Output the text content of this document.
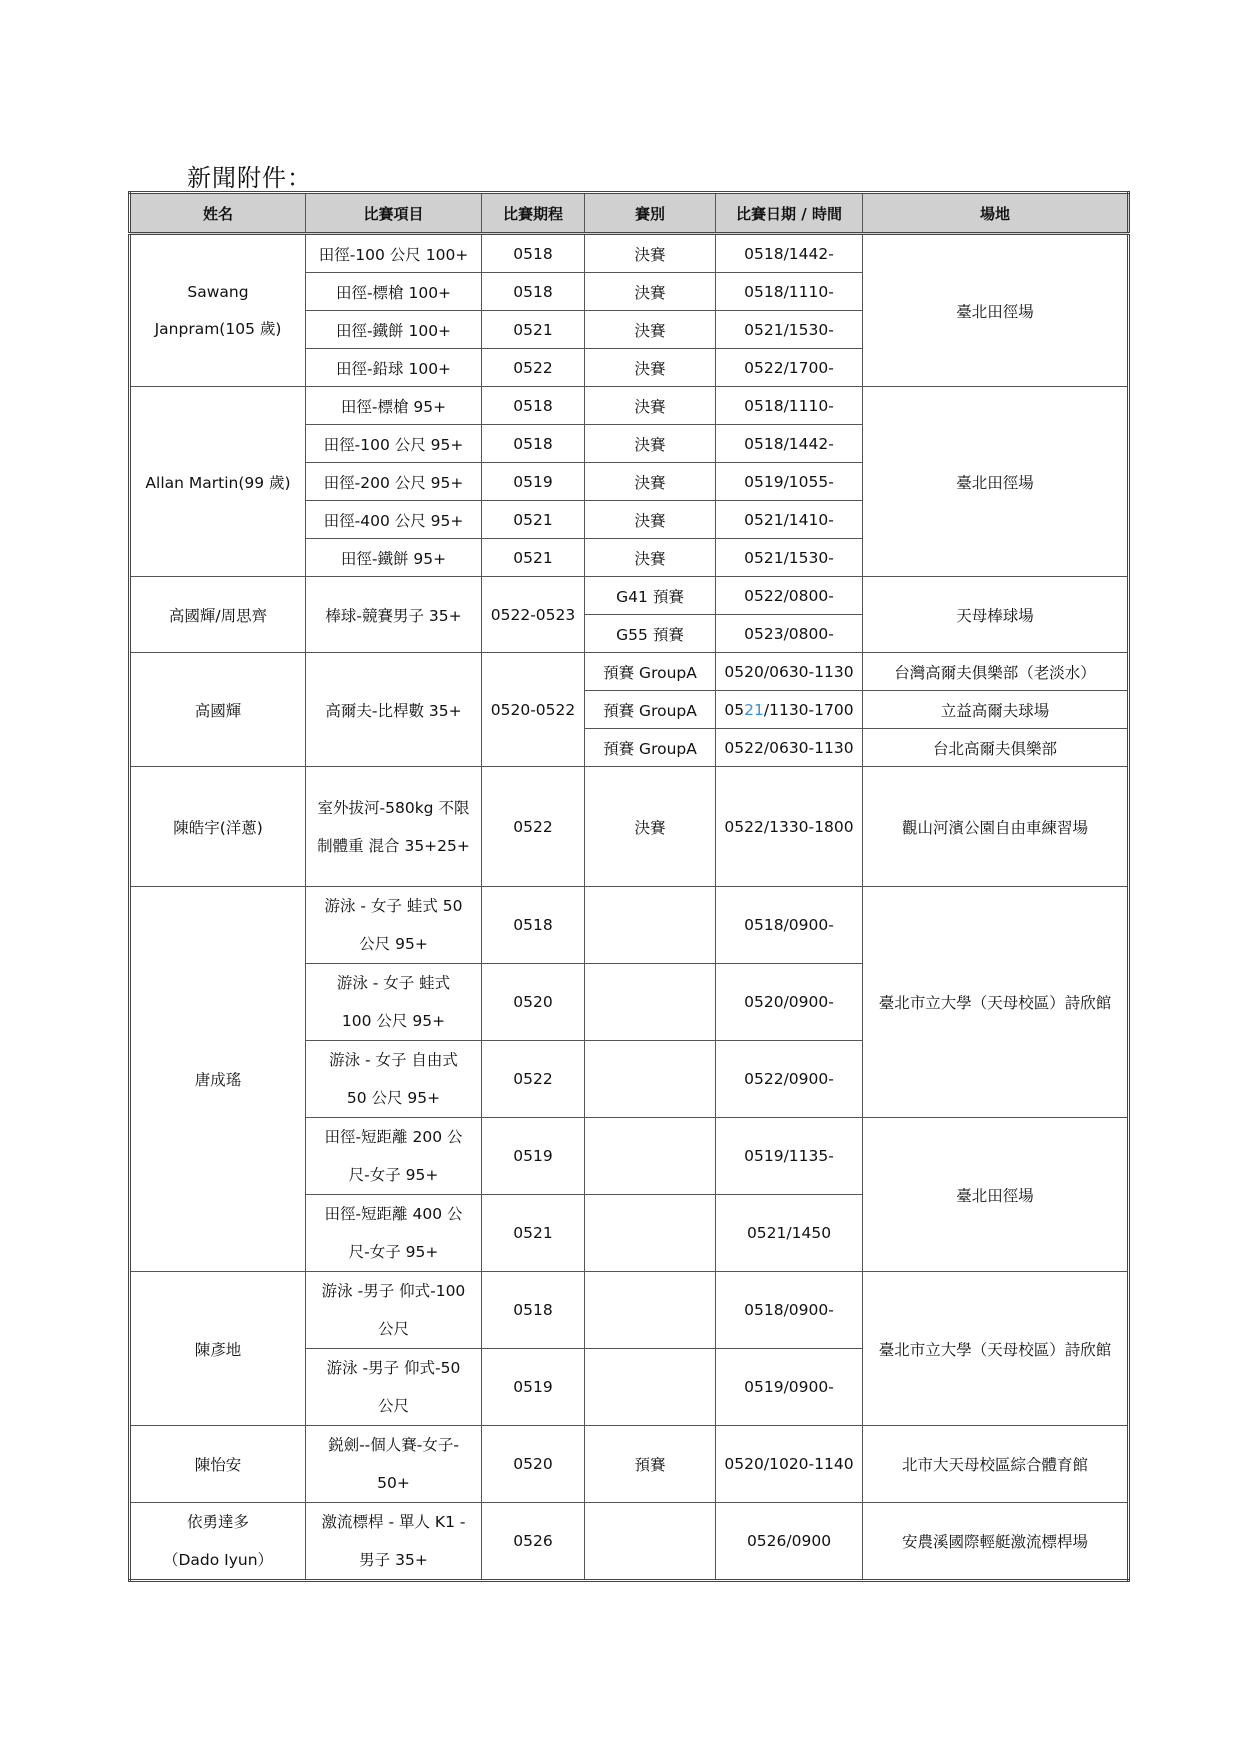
新聞附件：
姓名	比賽項目	比賽期程	賽別	比賽日期 / 時間	場地

Sawang
Janpram(105 歲)	田徑-100 公尺 100+	0518	決賽	0518/1442-	臺北田徑場
	田徑-標槍 100+	0518	決賽	0518/1110-	
	田徑-鐵餅 100+	0521	決賽	0521/1530-	
	田徑-鉛球 100+	0522	決賽	0522/1700-	
Allan Martin(99 歲)	田徑-標槍 95+	0518	決賽	0518/1110-	臺北田徑場
	田徑-100 公尺 95+	0518	決賽	0518/1442-	
	田徑-200 公尺 95+	0519	決賽	0519/1055-	
	田徑-400 公尺 95+	0521	決賽	0521/1410-	
	田徑-鐵餅 95+	0521	決賽	0521/1530-	
高國輝/周思齊	棒球-競賽男子 35+	0522-0523	G41 預賽	0522/0800-	天母棒球場
			G55 預賽	0523/0800-	
高國輝	高爾夫-比桿數 35+	0520-0522	預賽 GroupA	0520/0630-1130	台灣高爾夫俱樂部（老淡水）
			預賽 GroupA	0521/1130-1700	立益高爾夫球場
			預賽 GroupA	0522/0630-1130	台北高爾夫俱樂部
陳皓宇(洋蔥)	室外拔河-580kg 不限
制體重 混合 35+25+	0522	決賽	0522/1330-1800	觀山河濱公園自由車練習場
唐成瑤	游泳 - 女子 蛙式 50
公尺 95+	0518		0518/0900-	臺北市立大學（天母校區）詩欣館

	游泳 - 女子 蛙式
100 公尺 95+	0520		0520/0900-	

	游泳 - 女子 自由式
50 公尺 95+	0522		0522/0900-	

	田徑-短距離 200 公
尺-女子 95+	0519		0519/1135-	臺北田徑場

	田徑-短距離 400 公
尺-女子 95+	0521		0521/1450	
陳彥地	游泳 -男子 仰式-100
公尺	0518		0518/0900-	臺北市立大學（天母校區）詩欣館

	游泳 -男子 仰式-50
公尺	0519		0519/0900-	
陳怡安	鋭劍--個人賽-女子-
50+	0520	預賽	0520/1020-1140	北市大天母校區綜合體育館

依勇達多
（Dado Iyun）	激流標桿 - 單人 K1 -
男子 35+	0526		0526/0900	安農溪國際輕艇激流標桿場
